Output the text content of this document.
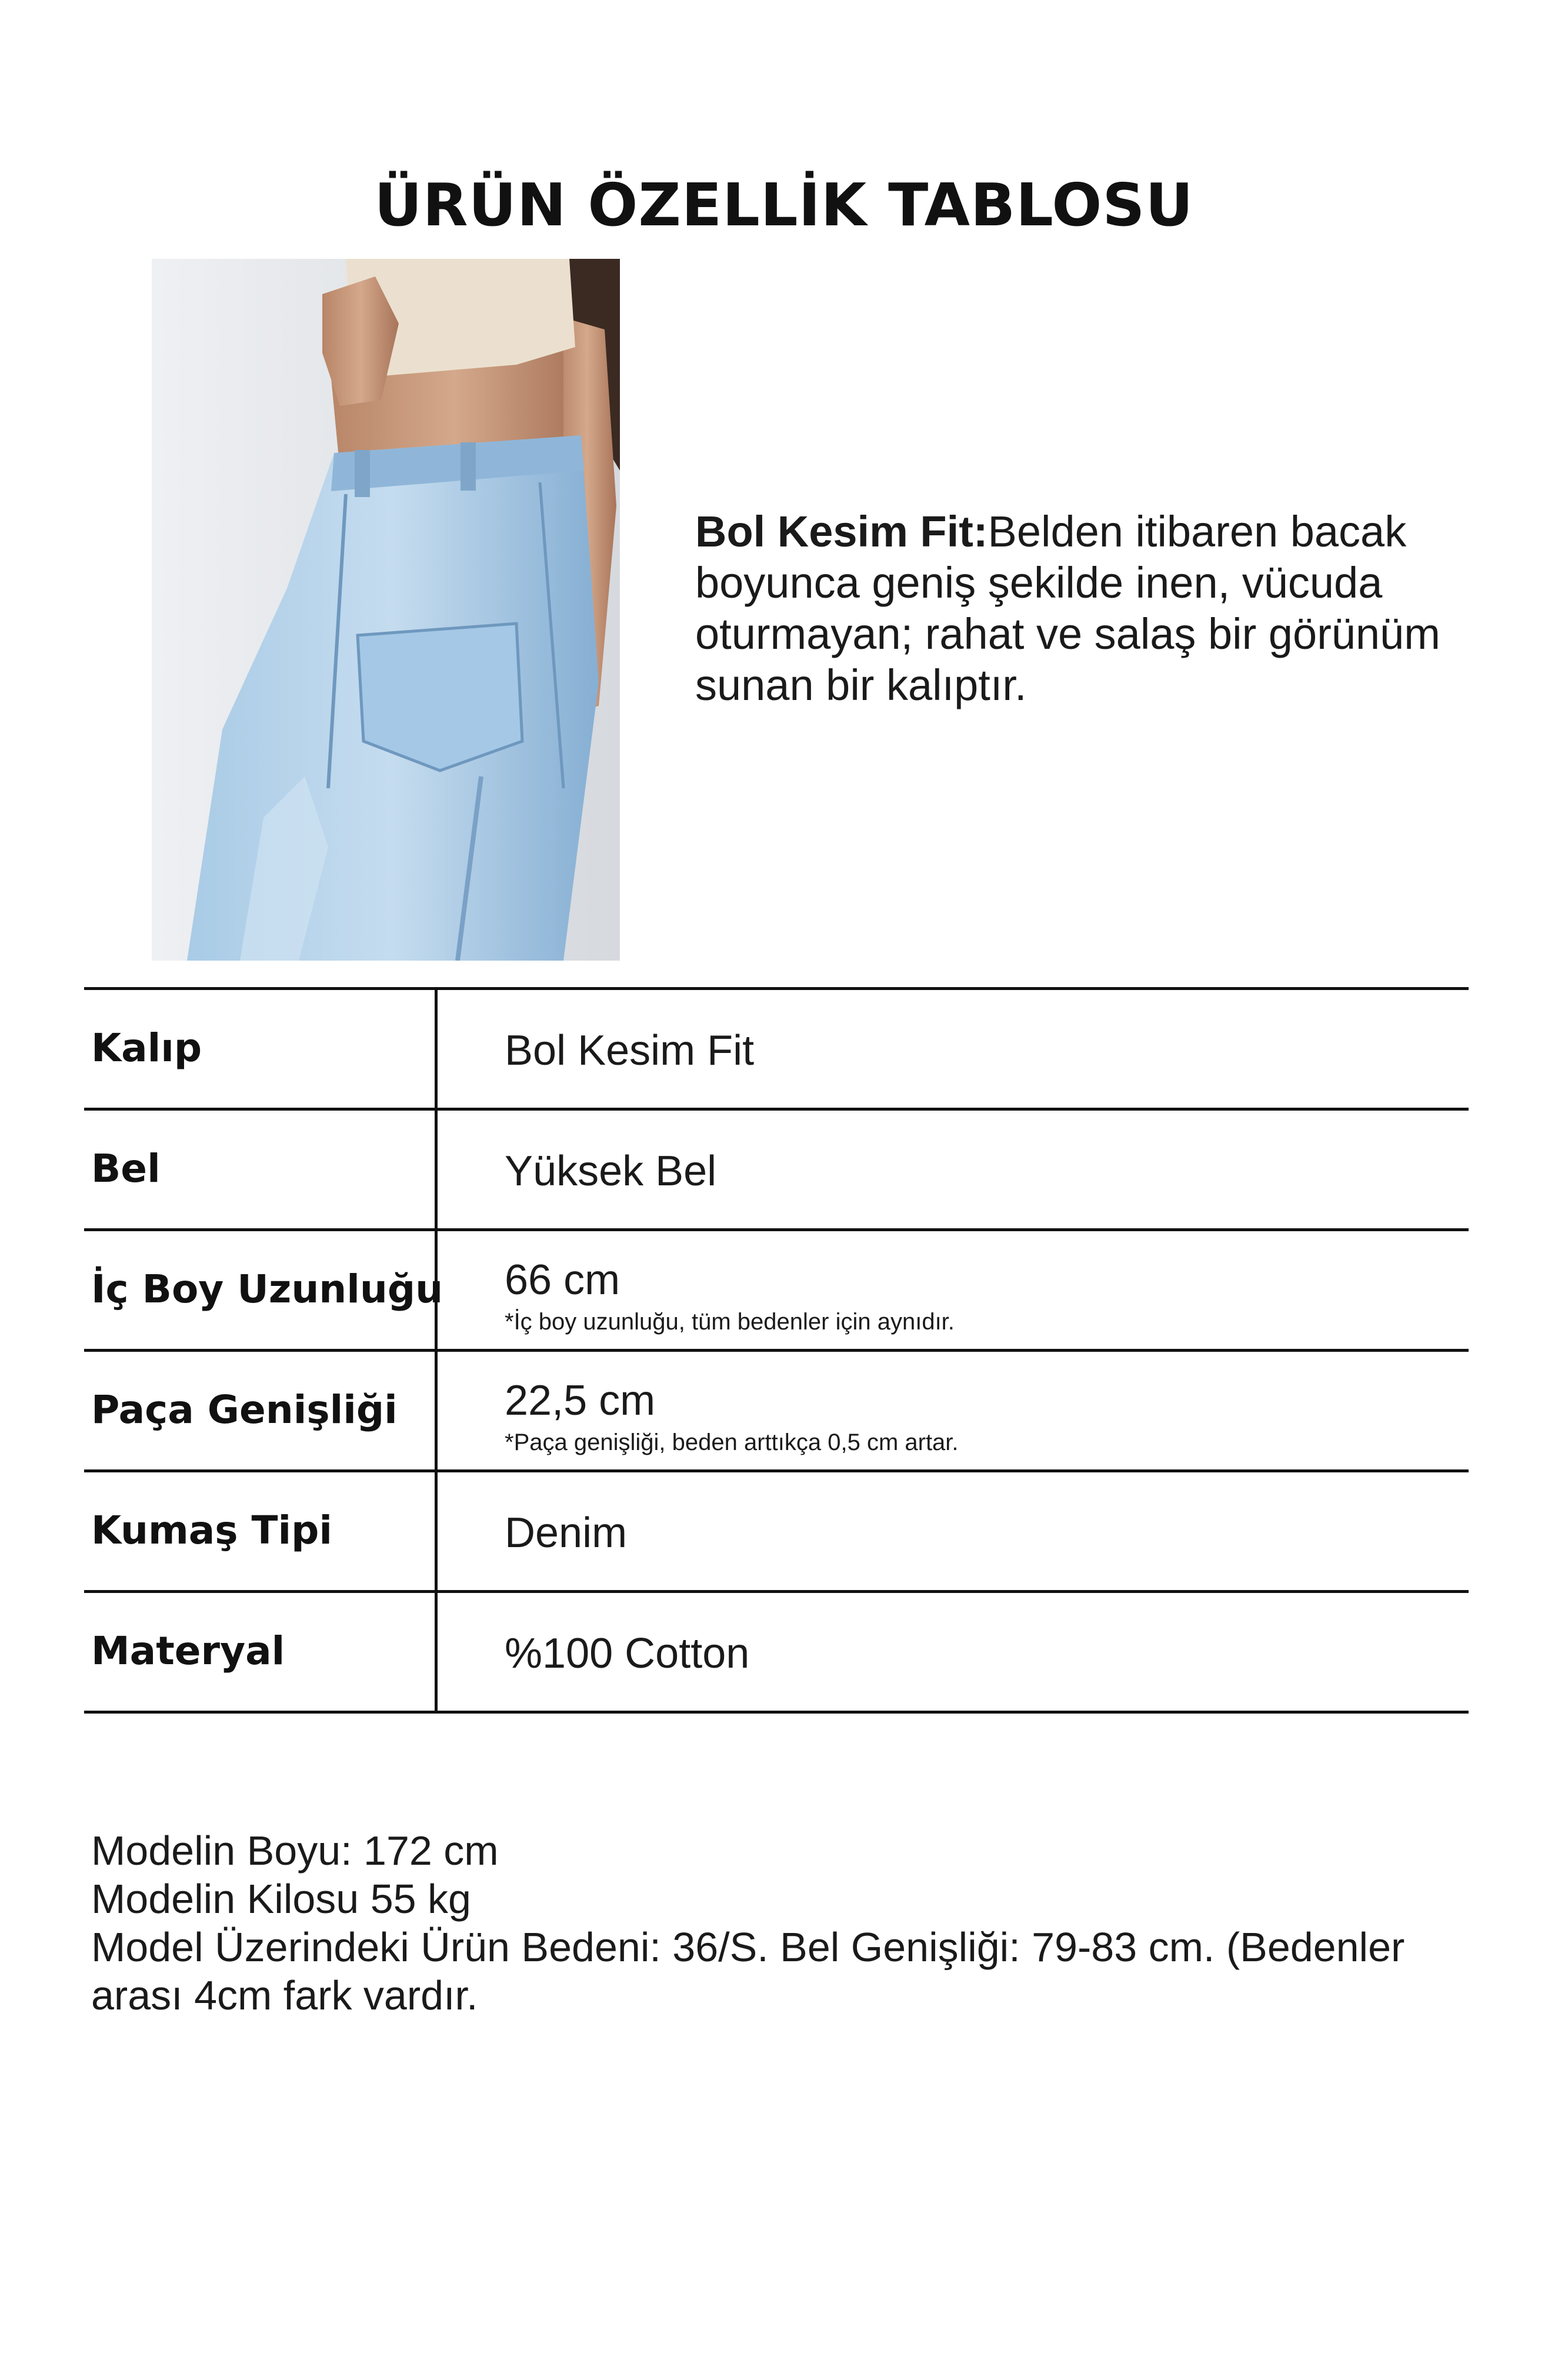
ÜRÜN ÖZELLİK TABLOSU
Bol Kesim Fit:Belden itibaren bacak boyunca geniş şekilde inen, vücuda oturmayan; rahat ve salaş bir görünüm sunan bir kalıptır.
Kalıp	Bol Kesim Fit
Bel	Yüksek Bel
İç Boy Uzunluğu 66 cm
*İç boy uzunluğu, tüm bedenler için aynıdır.
Paça Genişliği	22,5 cm
*Paça genişliği, beden arttıkça 0,5 cm artar.
Kumaş Tipi	Denim
Materyal	%100 Cotton
Modelin Boyu: 172 cm
Modelin Kilosu 55 kg
Model Üzerindeki Ürün Bedeni: 36/S. Bel Genişliği: 79-83 cm. (Bedenler arası 4cm fark vardır.
